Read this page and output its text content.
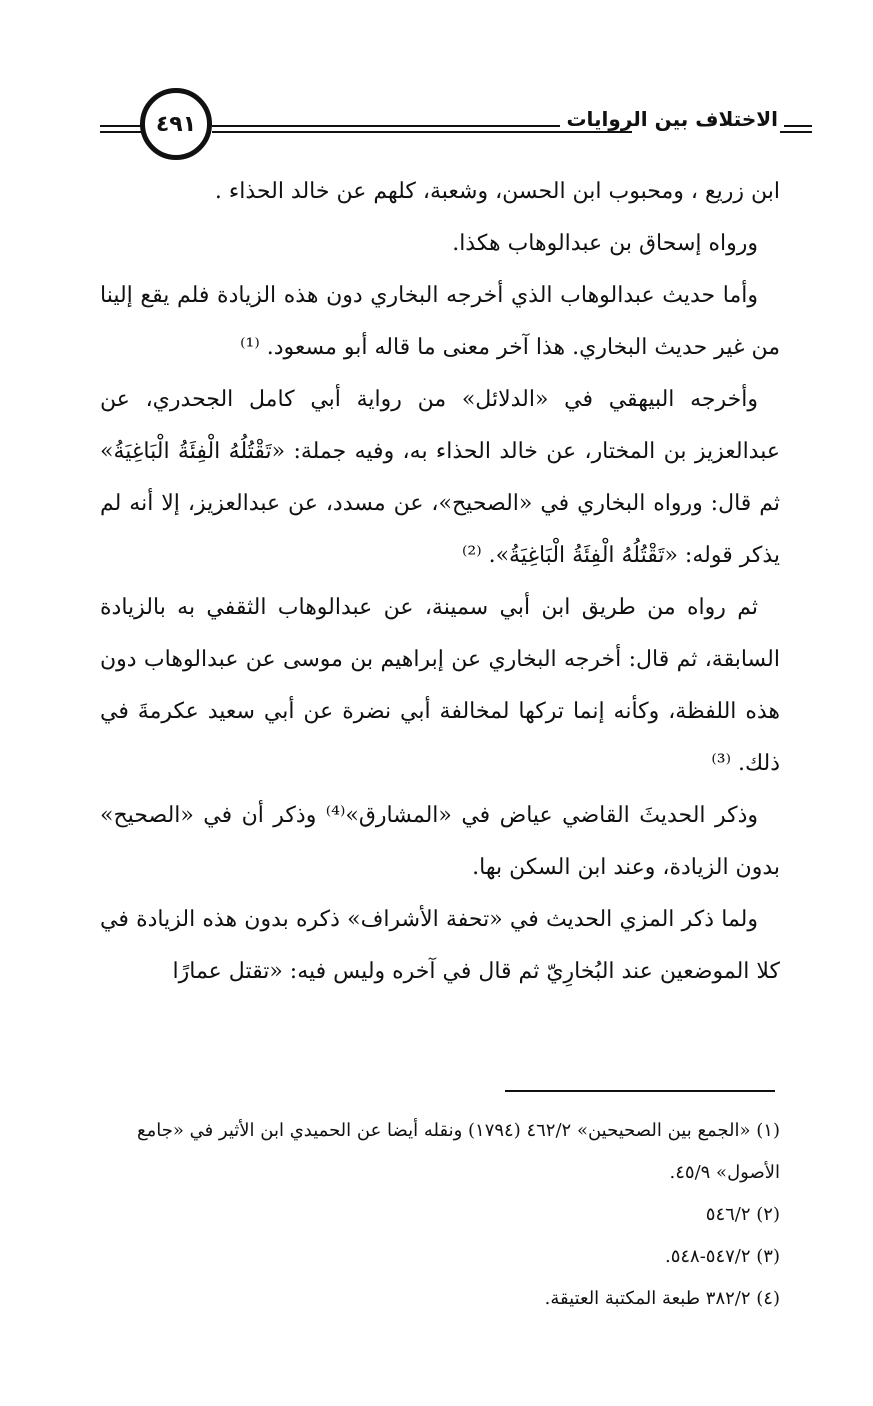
٤٩١	الاختلاف بين الروايات

ابن زريع ، ومحبوب ابن الحسن، وشعبة، كلهم عن خالد الحذاء .

ورواه إسحاق بن عبدالوهاب هكذا.

وأما حديث عبدالوهاب الذي أخرجه البخاري دون هذه الزيادة فلم يقع إلينا من غير حديث البخاري. هذا آخر معنى ما قاله أبو مسعود. ⁽¹⁾

وأخرجه البيهقي في «الدلائل» من رواية أبي كامل الجحدري، عن عبدالعزيز بن المختار، عن خالد الحذاء به، وفيه جملة: «تَقْتُلُهُ الْفِئَةُ الْبَاغِيَةُ» ثم قال: ورواه البخاري في «الصحيح»، عن مسدد، عن عبدالعزيز، إلا أنه لم يذكر قوله: «تَقْتُلُهُ الْفِئَةُ الْبَاغِيَةُ». ⁽²⁾

ثم رواه من طريق ابن أبي سمينة، عن عبدالوهاب الثقفي به بالزيادة السابقة، ثم قال: أخرجه البخاري عن إبراهيم بن موسى عن عبدالوهاب دون هذه اللفظة، وكأنه إنما تركها لمخالفة أبي نضرة عن أبي سعيد عكرمةَ في ذلك. ⁽³⁾

وذكر الحديثَ القاضي عياض في «المشارق»⁽⁴⁾ وذكر أن في «الصحيح» بدون الزيادة، وعند ابن السكن بها.

ولما ذكر المزي الحديث في «تحفة الأشراف» ذكره بدون هذه الزيادة في كلا الموضعين عند البُخارِيّ ثم قال في آخره وليس فيه: «تقتل عمارًا

(١) «الجمع بين الصحيحين» ٤٦٢/٢ (١٧٩٤) ونقله أيضا عن الحميدي ابن الأثير في «جامع الأصول» ٤٥/٩.

(٢) ٥٤٦/٢

(٣) ٥٤٧/٢-٥٤٨.

(٤) ٣٨٢/٢ طبعة المكتبة العتيقة.
